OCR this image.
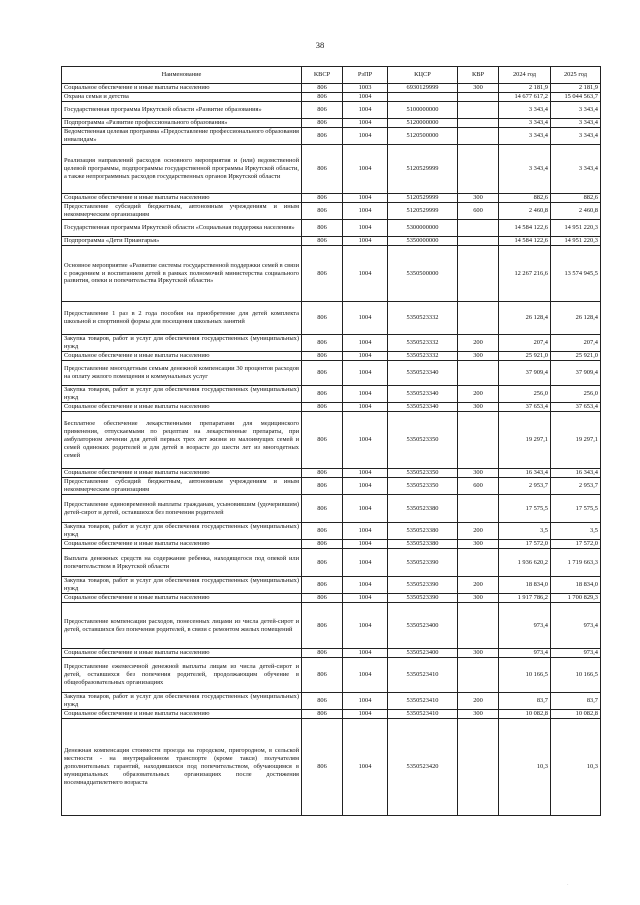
38
Наименование	КВСР	РзПР	КЦСР	КВР	2024 год	2025 год
Социальное обеспечение и иные выплаты населению	806	1003	6930129999	300	2 181,9	2 181,9
Охрана семьи и детства	806	1004			14 677 617,2	15 044 563,7
Государственная программа Иркутской области «Развитие образования»	806	1004	5100000000		3 343,4	3 343,4
Подпрограмма «Развитие профессионального образования»	806	1004	5120000000		3 343,4	3 343,4
Ведомственная целевая программа «Предоставление профессионального образования инвалидам»	806	1004	5120500000		3 343,4	3 343,4
Реализация направлений расходов основного мероприятия и (или) ведомственной целевой программы, подпрограммы государственной программы Иркутской области, а также непрограммных расходов государственных органов Иркутской области	806	1004	5120529999		3 343,4	3 343,4
Социальное обеспечение и иные выплаты населению	806	1004	5120529999	300	882,6	882,6
Предоставление субсидий бюджетным, автономным учреждениям и иным некоммерческим организациям	806	1004	5120529999	600	2 460,8	2 460,8
Государственная программа Иркутской области «Социальная поддержка населения»	806	1004	5300000000		14 584 122,6	14 951 220,3
Подпрограмма «Дети Приангарья»	806	1004	5350000000		14 584 122,6	14 951 220,3
Основное мероприятие «Развитие системы государственной поддержки семей в связи с рождением и воспитанием детей в рамках полномочий министерства социального развития, опеки и попечительства Иркутской области»	806	1004	5350500000		12 267 216,6	13 574 945,5
Предоставление 1 раз в 2 года пособия на приобретение для детей комплекта школьной и спортивной формы для посещения школьных занятий	806	1004	5350523332		26 128,4	26 128,4
Закупка товаров, работ и услуг для обеспечения государственных (муниципальных) нужд	806	1004	5350523332	200	207,4	207,4
Социальное обеспечение и иные выплаты населению	806	1004	5350523332	300	25 921,0	25 921,0
Предоставление многодетным семьям денежной компенсации 30 процентов расходов на оплату жилого помещения и коммунальных услуг	806	1004	5350523340		37 909,4	37 909,4
Закупка товаров, работ и услуг для обеспечения государственных (муниципальных) нужд	806	1004	5350523340	200	256,0	256,0
Социальное обеспечение и иные выплаты населению	806	1004	5350523340	300	37 653,4	37 653,4
Бесплатное обеспечение лекарственными препаратами для медицинского применения, отпускаемыми по рецептам на лекарственные препараты, при амбулаторном лечении для детей первых трех лет жизни из малоимущих семей и семей одиноких родителей и для детей в возрасте до шести лет из многодетных семей	806	1004	5350523350		19 297,1	19 297,1
Социальное обеспечение и иные выплаты населению	806	1004	5350523350	300	16 343,4	16 343,4
Предоставление субсидий бюджетным, автономным учреждениям и иным некоммерческим организациям	806	1004	5350523350	600	2 953,7	2 953,7
Предоставление единовременной выплаты гражданам, усыновившим (удочерившим) детей-сирот и детей, оставшихся без попечения родителей	806	1004	5350523380		17 575,5	17 575,5
Закупка товаров, работ и услуг для обеспечения государственных (муниципальных) нужд	806	1004	5350523380	200	3,5	3,5
Социальное обеспечение и иные выплаты населению	806	1004	5350523380	300	17 572,0	17 572,0
Выплата денежных средств на содержание ребенка, находящегося под опекой или попечительством в Иркутской области	806	1004	5350523390		1 936 620,2	1 719 663,3
Закупка товаров, работ и услуг для обеспечения государственных (муниципальных) нужд	806	1004	5350523390	200	18 834,0	18 834,0
Социальное обеспечение и иные выплаты населению	806	1004	5350523390	300	1 917 786,2	1 700 829,3
Предоставление компенсации расходов, понесенных лицами из числа детей-сирот и детей, оставшихся без попечения родителей, в связи с ремонтом жилых помещений	806	1004	5350523400		973,4	973,4
Социальное обеспечение и иные выплаты населению	806	1004	5350523400	300	973,4	973,4
Предоставление ежемесячной денежной выплаты лицам из числа детей-сирот и детей, оставшихся без попечения родителей, продолжающим обучение в общеобразовательных организациях	806	1004	5350523410		10 166,5	10 166,5
Закупка товаров, работ и услуг для обеспечения государственных (муниципальных) нужд	806	1004	5350523410	200	83,7	83,7
Социальное обеспечение и иные выплаты населению	806	1004	5350523410	300	10 082,8	10 082,8
Денежная компенсация стоимости проезда на городском, пригородном, в сельской местности - на внутрирайонном транспорте (кроме такси) получателям дополнительных гарантий, находившихся под попечительством, обучающимся в муниципальных образовательных организациях после достижения восемнадцатилетнего возраста	806	1004	5350523420		10,3	10,3
·
